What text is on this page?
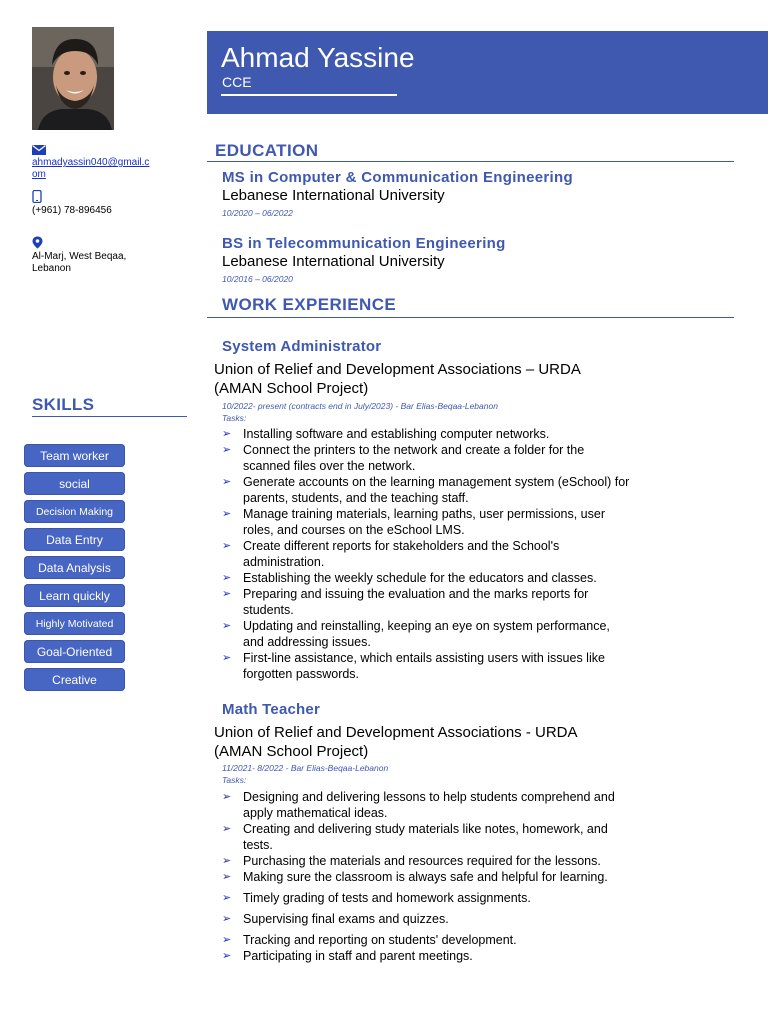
Ahmad Yassine
CCE
ahmadyassin040@gmail.com
(+961) 78-896456
Al-Marj, West Beqaa, Lebanon
SKILLS
Team worker
social
Decision Making
Data Entry
Data Analysis
Learn quickly
Highly Motivated
Goal-Oriented
Creative
EDUCATION
MS in Computer & Communication Engineering
Lebanese International University
10/2020 – 06/2022
BS in Telecommunication Engineering
Lebanese International University
10/2016 – 06/2020
WORK EXPERIENCE
System Administrator
Union of Relief and Development Associations – URDA
(AMAN School Project)
10/2022- present (contracts end in July/2023) - Bar Elias-Beqaa-Lebanon
Tasks:
➢ Installing software and establishing computer networks.
➢ Connect the printers to the network and create a folder for the scanned files over the network.
➢ Generate accounts on the learning management system (eSchool) for parents, students, and the teaching staff.
➢ Manage training materials, learning paths, user permissions, user roles, and courses on the eSchool LMS.
➢ Create different reports for stakeholders and the School's administration.
➢ Establishing the weekly schedule for the educators and classes.
➢ Preparing and issuing the evaluation and the marks reports for students.
➢ Updating and reinstalling, keeping an eye on system performance, and addressing issues.
➢ First-line assistance, which entails assisting users with issues like forgotten passwords.
Math Teacher
Union of Relief and Development Associations - URDA
(AMAN School Project)
11/2021- 8/2022 - Bar Elias-Beqaa-Lebanon
Tasks:
➢ Designing and delivering lessons to help students comprehend and apply mathematical ideas.
➢ Creating and delivering study materials like notes, homework, and tests.
➢ Purchasing the materials and resources required for the lessons.
➢ Making sure the classroom is always safe and helpful for learning.
➢ Timely grading of tests and homework assignments.
➢ Supervising final exams and quizzes.
➢ Tracking and reporting on students' development.
➢ Participating in staff and parent meetings.
